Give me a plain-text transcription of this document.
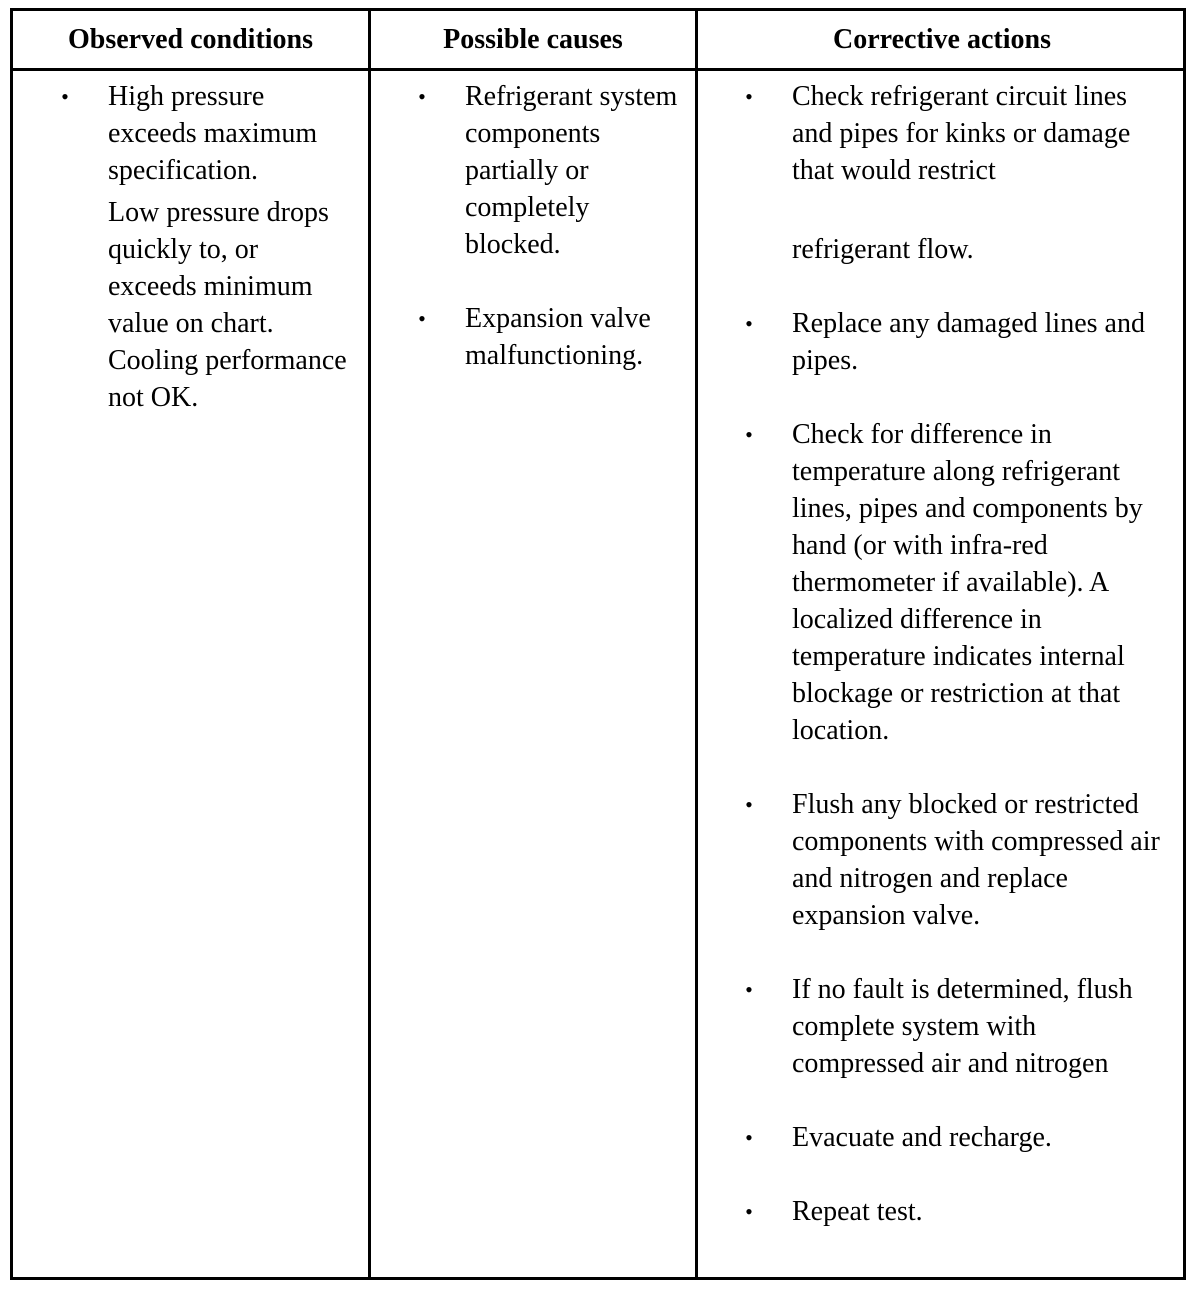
Observed conditions	Possible causes	Corrective actions
• High pressure exceeds maximum specification.
Low pressure drops quickly to, or exceeds minimum value on chart. Cooling performance not OK.
• Refrigerant system components partially or completely blocked.
• Expansion valve malfunctioning.
• Check refrigerant circuit lines and pipes for kinks or damage that would restrict
refrigerant flow.
• Replace any damaged lines and pipes.
• Check for difference in temperature along refrigerant lines, pipes and components by hand (or with infra-red thermometer if available). A localized difference in temperature indicates internal blockage or restriction at that location.
• Flush any blocked or restricted components with compressed air and nitrogen and replace expansion valve.
• If no fault is determined, flush complete system with compressed air and nitrogen
• Evacuate and recharge.
• Repeat test.
